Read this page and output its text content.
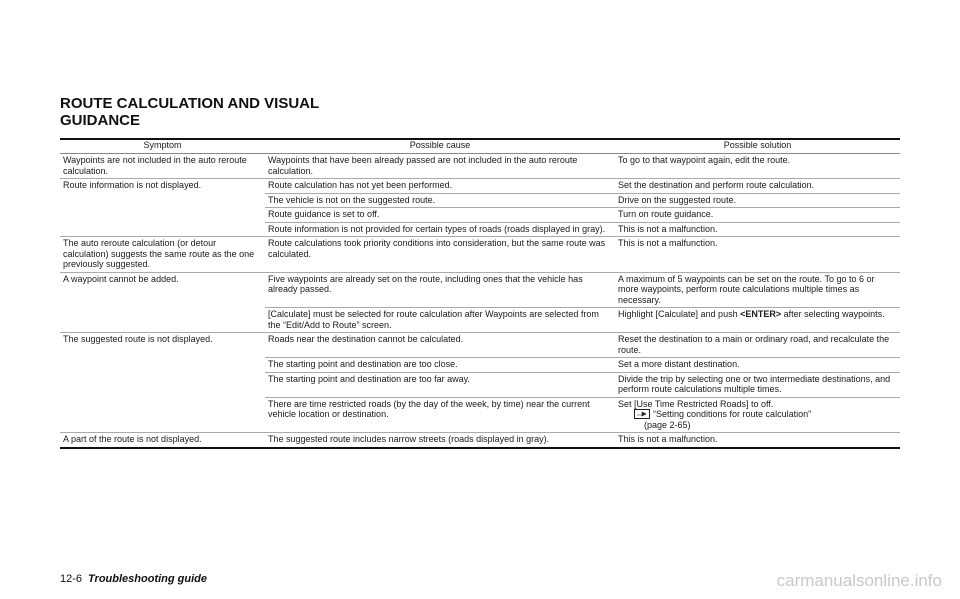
ROUTE CALCULATION AND VISUAL
GUIDANCE
Symptom	Possible cause	Possible solution
Waypoints are not included in the auto reroute calculation.	Waypoints that have been already passed are not included in the auto reroute calculation.	To go to that waypoint again, edit the route.
Route information is not displayed.	Route calculation has not yet been performed.	Set the destination and perform route calculation.
	The vehicle is not on the suggested route.	Drive on the suggested route.
	Route guidance is set to off.	Turn on route guidance.
	Route information is not provided for certain types of roads (roads displayed in gray).	This is not a malfunction.
The auto reroute calculation (or detour calculation) suggests the same route as the one previously suggested.	Route calculations took priority conditions into consideration, but the same route was calculated.	This is not a malfunction.
A waypoint cannot be added.	Five waypoints are already set on the route, including ones that the vehicle has already passed.	A maximum of 5 waypoints can be set on the route. To go to 6 or more waypoints, perform route calculations multiple times as necessary.
	[Calculate] must be selected for route calculation after Waypoints are selected from the “Edit/Add to Route” screen.	Highlight [Calculate] and push <ENTER> after selecting waypoints.
The suggested route is not displayed.	Roads near the destination cannot be calculated.	Reset the destination to a main or ordinary road, and recalculate the route.
	The starting point and destination are too close.	Set a more distant destination.
	The starting point and destination are too far away.	Divide the trip by selecting one or two intermediate destinations, and perform route calculations multiple times.
	There are time restricted roads (by the day of the week, by time) near the current vehicle location or destination.	Set [Use Time Restricted Roads] to off.
“Setting conditions for route calculation”
(page 2-65)

A part of the route is not displayed.	The suggested route includes narrow streets (roads displayed in gray).	This is not a malfunction.
12-6 Troubleshooting guide	carmanualsonline.info
